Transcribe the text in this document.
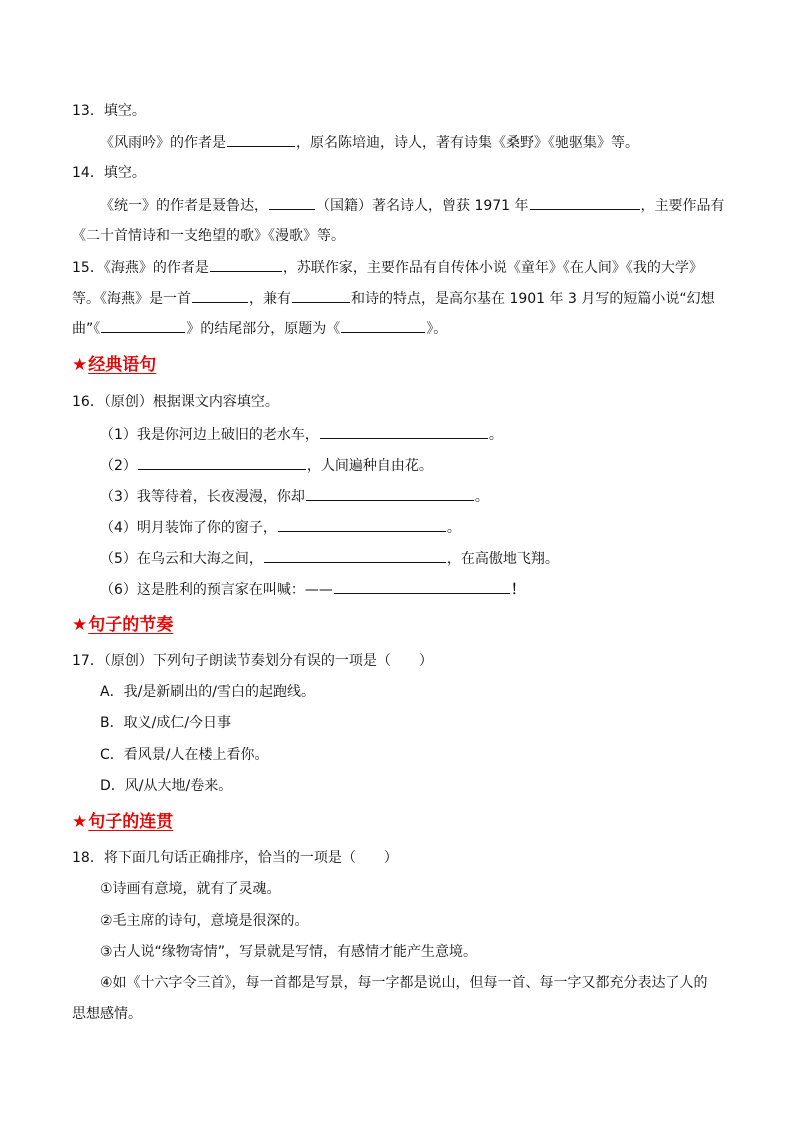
13．填空。
《风雨吟》的作者是	，原名陈培迪，诗人，著有诗集《桑野》《驰驱集》等。
14．填空。
《统一》的作者是聂鲁达，	（国籍）著名诗人，曾获 1971 年	，主要作品有
《二十首情诗和一支绝望的歌》《漫歌》等。
15．《海燕》的作者是	，苏联作家，主要作品有自传体小说《童年》《在人间》《我的大学》
等。《海燕》是一首	，兼有	和诗的特点，是高尔基在 1901 年 3 月写的短篇小说“幻想
曲”《	》的结尾部分，原题为《	》。
★经典语句
16．（原创）根据课文内容填空。
（1）我是你河边上破旧的老水车，	。
（2）	，人间遍种自由花。
（3）我等待着，长夜漫漫，你却	。
（4）明月装饰了你的窗子，	。
（5）在乌云和大海之间，	，在高傲地飞翔。
（6）这是胜利的预言家在叫喊：——	！
★句子的节奏
17．（原创）下列句子朗读节奏划分有误的一项是（　　）
A．我/是新刷出的/雪白的起跑线。
B．取义/成仁/今日事
C．看风景/人在楼上看你。
D．风/从大地/卷来。
★句子的连贯
18．将下面几句话正确排序，恰当的一项是（　　）
①诗画有意境，就有了灵魂。
②毛主席的诗句，意境是很深的。
③古人说“缘物寄情”，写景就是写情，有感情才能产生意境。
④如《十六字令三首》，每一首都是写景，每一字都是说山，但每一首、每一字又都充分表达了人的
思想感情。
